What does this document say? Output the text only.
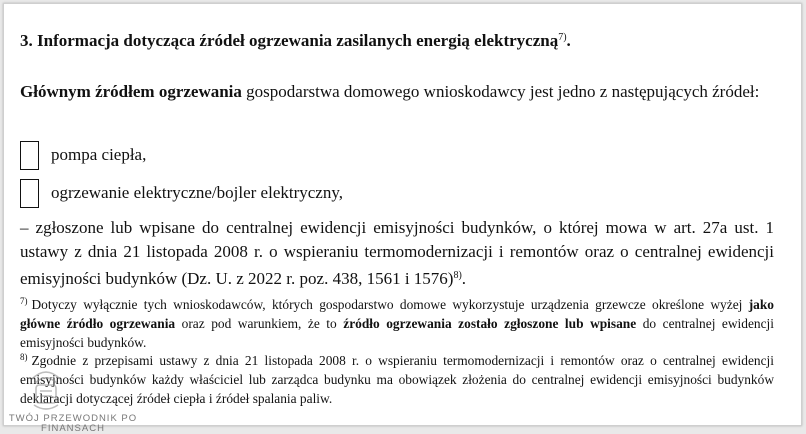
3. Informacja dotycząca źródeł ogrzewania zasilanych energią elektryczną$^{7)}$.
Głównym źródłem ogrzewania gospodarstwa domowego wnioskodawcy jest jedno z następujących źródeł:
pompa ciepła,
ogrzewanie elektryczne/bojler elektryczny,
– zgłoszone lub wpisane do centralnej ewidencji emisyjności budynków, o której mowa w art. 27a ust. 1 ustawy z dnia 21 listopada 2008 r. o wspieraniu termomodernizacji i remontów oraz o centralnej ewidencji emisyjności budynków (Dz. U. z 2022 r. poz. 438, 1561 i 1576)$^{8)}$.
$^{7)}$ Dotyczy wyłącznie tych wnioskodawców, których gospodarstwo domowe wykorzystuje urządzenia grzewcze określone wyżej jako główne źródło ogrzewania oraz pod warunkiem, że to źródło ogrzewania zostało zgłoszone lub wpisane do centralnej ewidencji emisyjności budynków.
$^{8)}$ Zgodnie z przepisami ustawy z dnia 21 listopada 2008 r. o wspieraniu termomodernizacji i remontów oraz o centralnej ewidencji emisyjności budynków każdy właściciel lub zarządca budynku ma obowiązek złożenia do centralnej ewidencji emisyjności budynków deklaracji dotyczącej źródeł ciepła i źródeł spalania paliw.
TWÓJ PRZEWODNIK PO
FINANSACH
